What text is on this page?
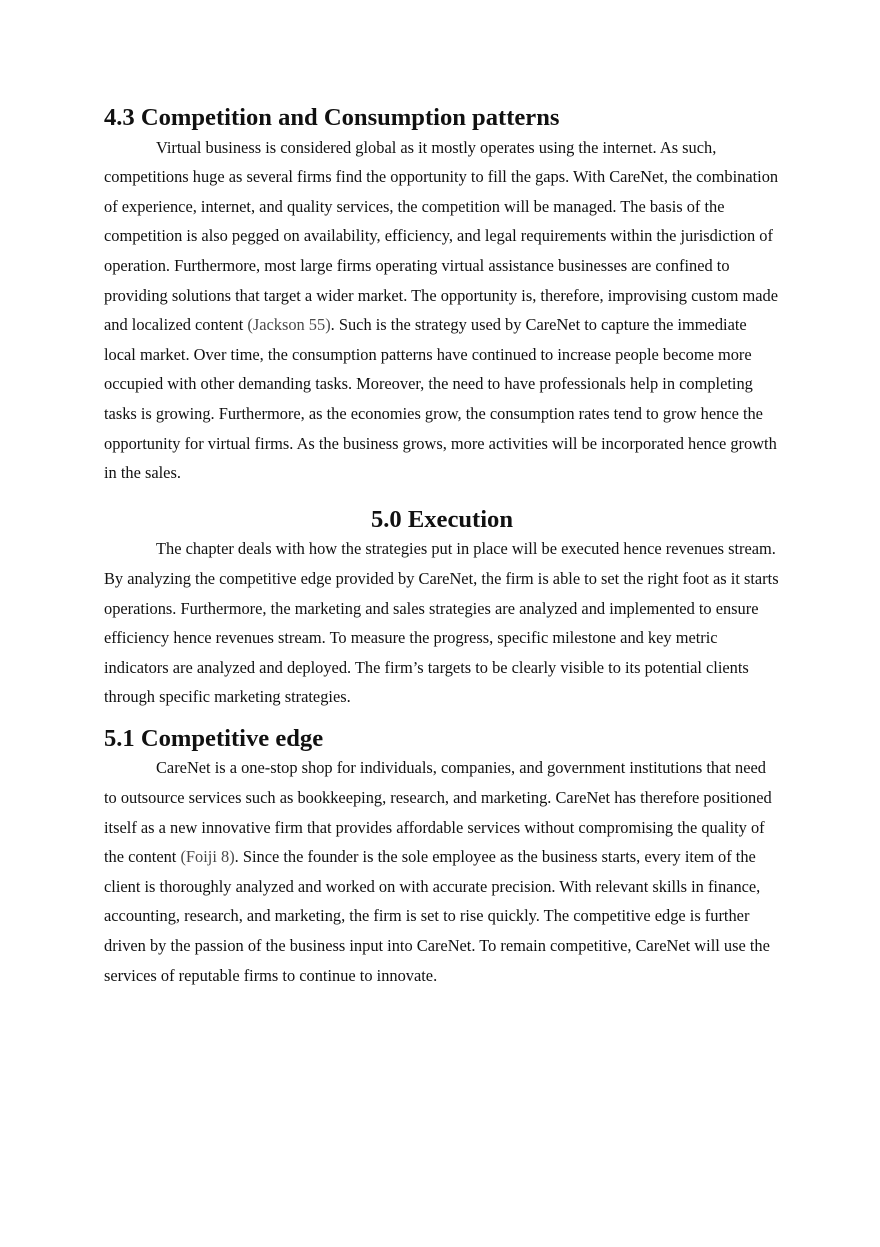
4.3 Competition and Consumption patterns

Virtual business is considered global as it mostly operates using the internet. As such, competitions huge as several firms find the opportunity to fill the gaps. With CareNet, the combination of experience, internet, and quality services, the competition will be managed. The basis of the competition is also pegged on availability, efficiency, and legal requirements within the jurisdiction of operation. Furthermore, most large firms operating virtual assistance businesses are confined to providing solutions that target a wider market. The opportunity is, therefore, improvising custom made and localized content (Jackson 55). Such is the strategy used by CareNet to capture the immediate local market. Over time, the consumption patterns have continued to increase people become more occupied with other demanding tasks. Moreover, the need to have professionals help in completing tasks is growing. Furthermore, as the economies grow, the consumption rates tend to grow hence the opportunity for virtual firms. As the business grows, more activities will be incorporated hence growth in the sales.

5.0 Execution

The chapter deals with how the strategies put in place will be executed hence revenues stream. By analyzing the competitive edge provided by CareNet, the firm is able to set the right foot as it starts operations. Furthermore, the marketing and sales strategies are analyzed and implemented to ensure efficiency hence revenues stream. To measure the progress, specific milestone and key metric indicators are analyzed and deployed. The firm’s targets to be clearly visible to its potential clients through specific marketing strategies.

5.1 Competitive edge

CareNet is a one-stop shop for individuals, companies, and government institutions that need to outsource services such as bookkeeping, research, and marketing. CareNet has therefore positioned itself as a new innovative firm that provides affordable services without compromising the quality of the content (Foiji 8). Since the founder is the sole employee as the business starts, every item of the client is thoroughly analyzed and worked on with accurate precision. With relevant skills in finance, accounting, research, and marketing, the firm is set to rise quickly. The competitive edge is further driven by the passion of the business input into CareNet. To remain competitive, CareNet will use the services of reputable firms to continue to innovate.
